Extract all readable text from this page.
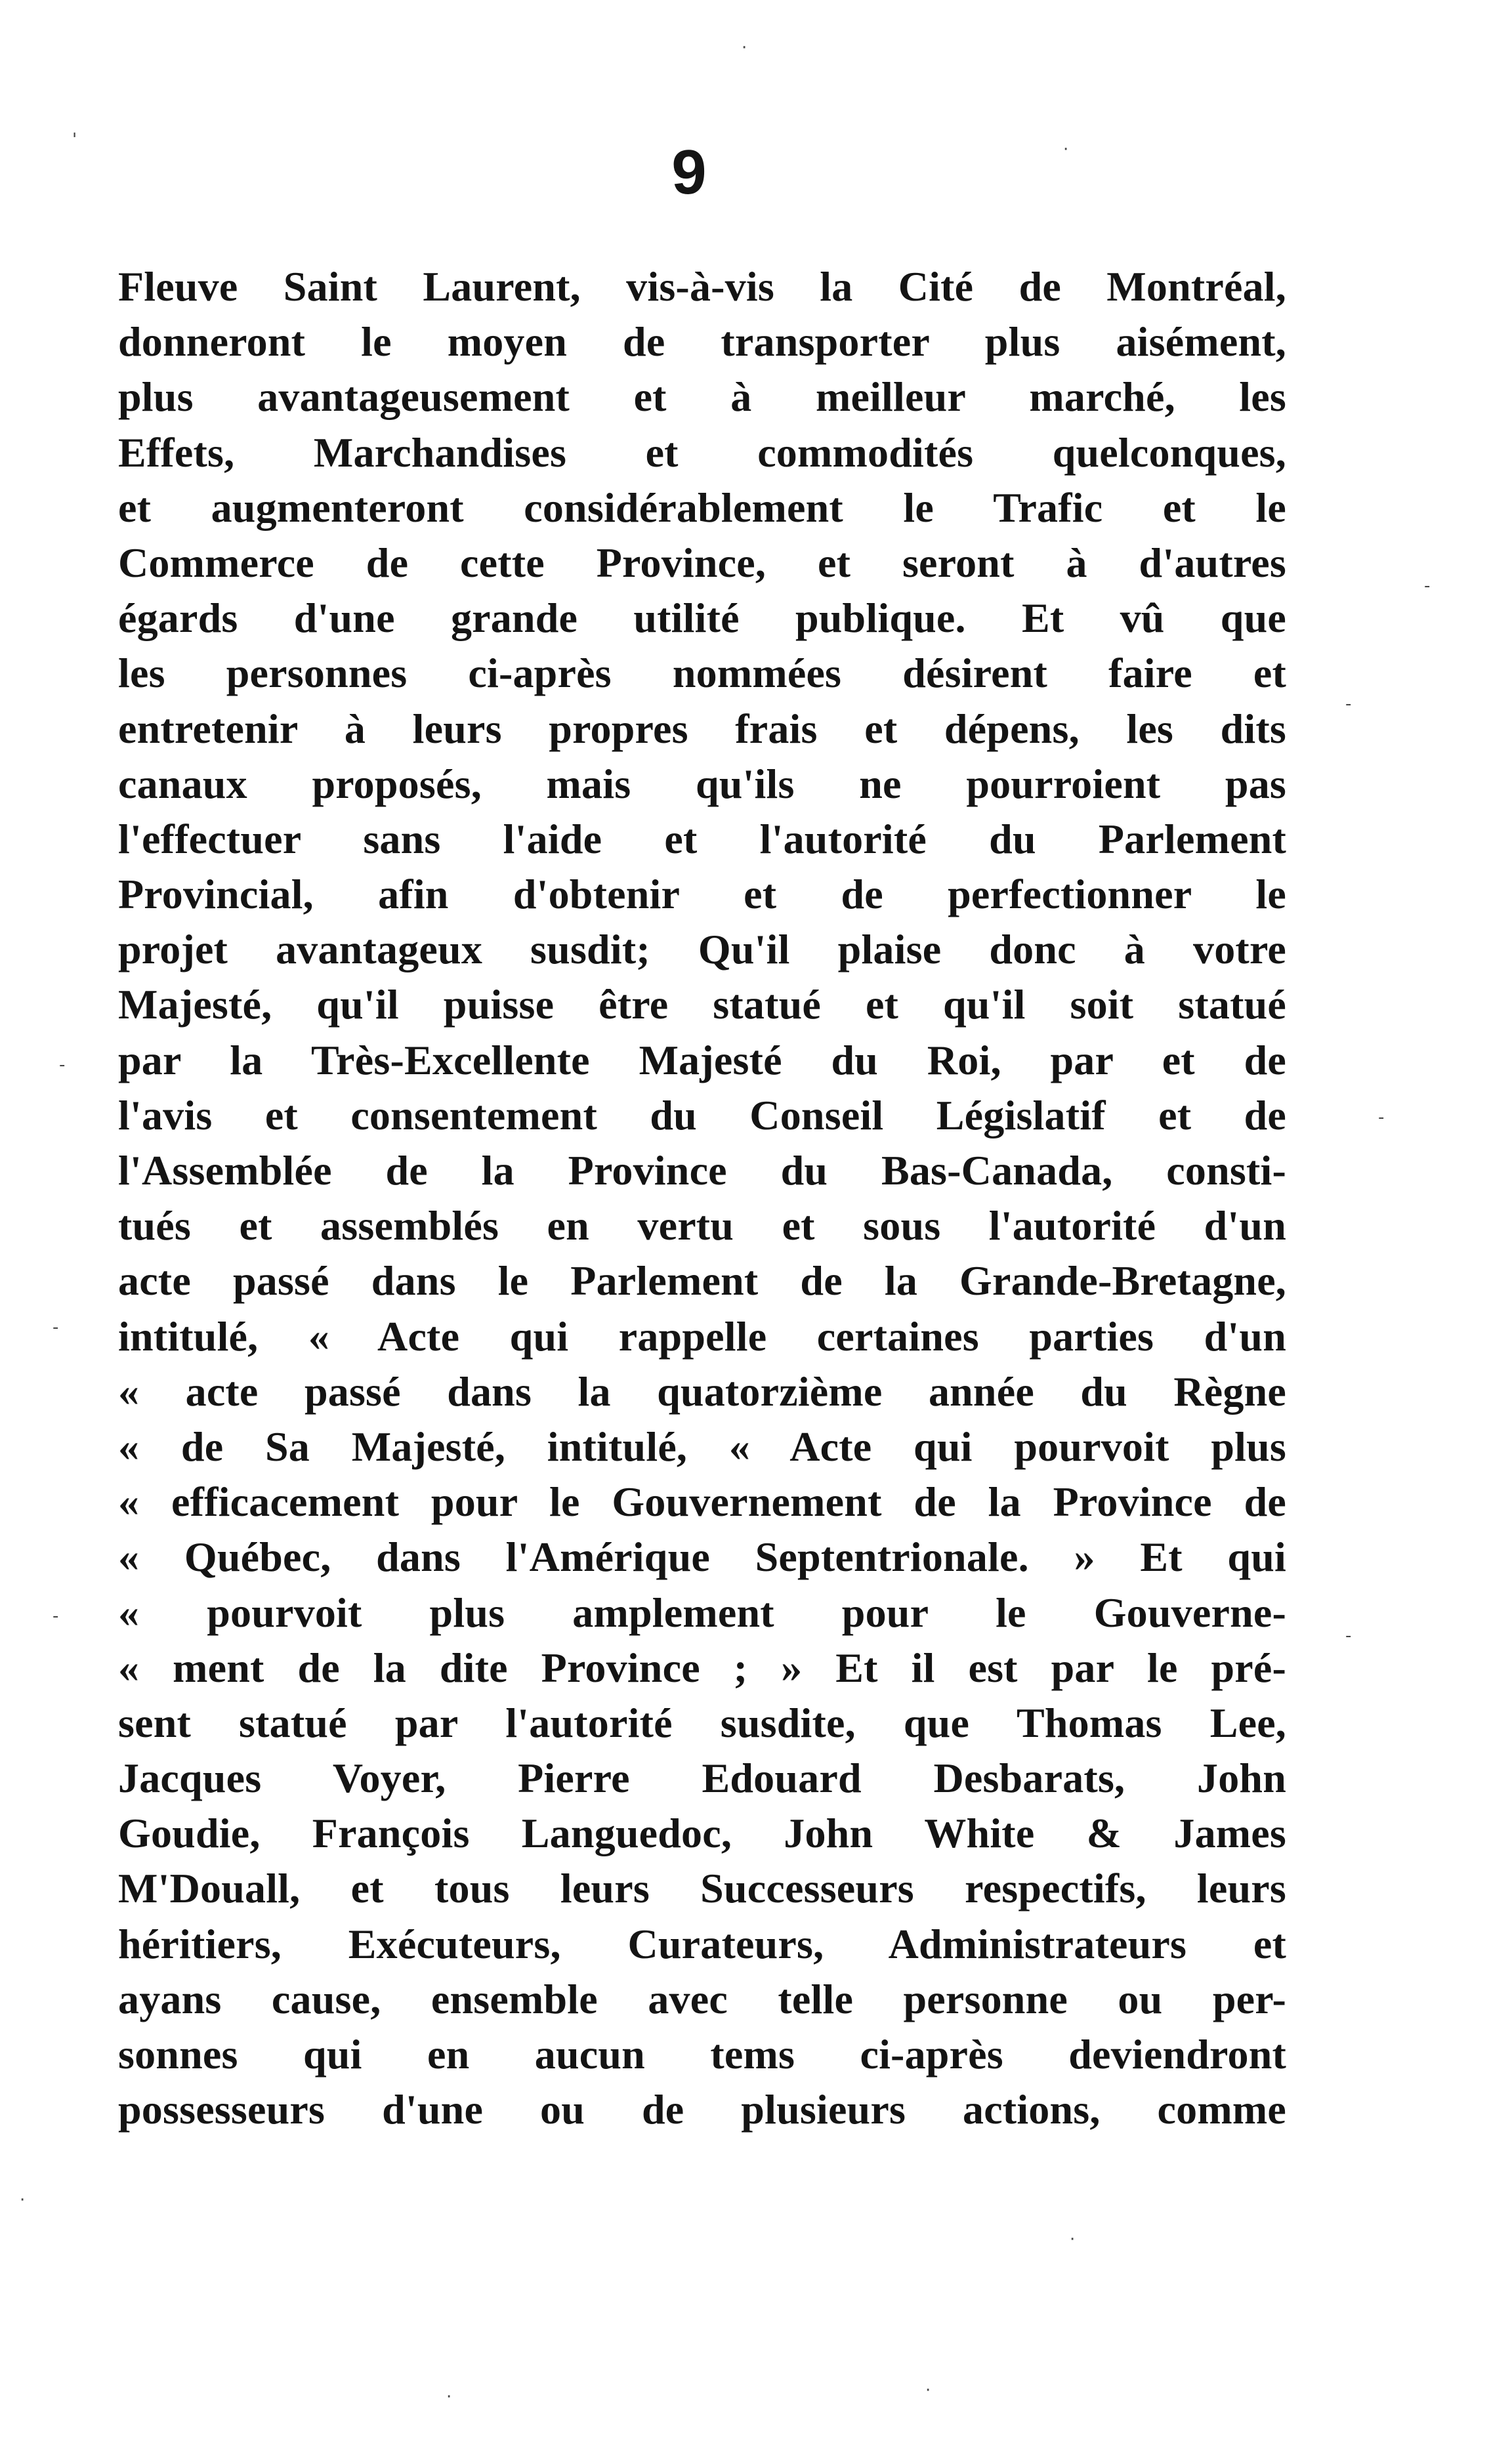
9
Fleuve Saint Laurent, vis-à-vis la Cité de Montréal,
donneront le moyen de transporter plus aisément,
plus avantageusement et à meilleur marché, les
Effets, Marchandises et commodités quelconques,
et augmenteront considérablement le Trafic et le
Commerce de cette Province, et seront à d'autres
égards d'une grande utilité publique. Et vû que
les personnes ci-après nommées désirent faire et
entretenir à leurs propres frais et dépens, les dits
canaux proposés, mais qu'ils ne pourroient pas
l'effectuer sans l'aide et l'autorité du Parlement
Provincial, afin d'obtenir et de perfectionner le
projet avantageux susdit; Qu'il plaise donc à votre
Majesté, qu'il puisse être statué et qu'il soit statué
par la Très-Excellente Majesté du Roi, par et de
l'avis et consentement du Conseil Législatif et de
l'Assemblée de la Province du Bas-Canada, consti-
tués et assemblés en vertu et sous l'autorité d'un
acte passé dans le Parlement de la Grande-Bretagne,
intitulé, « Acte qui rappelle certaines parties d'un
« acte passé dans la quatorzième année du Règne
« de Sa Majesté, intitulé, « Acte qui pourvoit plus
« efficacement pour le Gouvernement de la Province de
« Québec, dans l'Amérique Septentrionale. » Et qui
« pourvoit plus amplement pour le Gouverne-
« ment de la dite Province ; » Et il est par le pré-
sent statué par l'autorité susdite, que Thomas Lee,
Jacques Voyer, Pierre Edouard Desbarats, John
Goudie, François Languedoc, John White & James
M'Douall, et tous leurs Successeurs respectifs, leurs
héritiers, Exécuteurs, Curateurs, Administrateurs et
ayans cause, ensemble avec telle personne ou per-
sonnes qui en aucun tems ci-après deviendront
possesseurs d'une ou de plusieurs actions, comme
·
'	·
-
-
-
-
-
-
-
·
·
·
·
